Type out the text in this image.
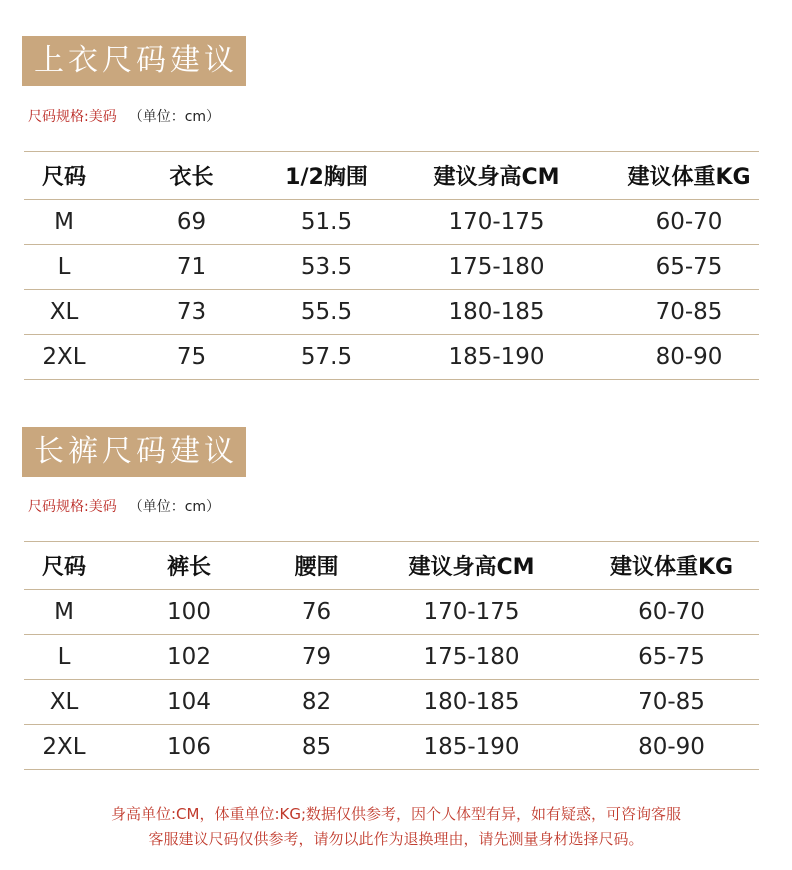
上衣尺码建议
尺码规格:美码 （单位：cm）
尺码	衣长	1/2胸围	建议身高CM	建议体重KG
M	69	51.5	170-175	60-70
L	71	53.5	175-180	65-75
XL	73	55.5	180-185	70-85
2XL	75	57.5	185-190	80-90
长裤尺码建议
尺码规格:美码 （单位：cm）
尺码	裤长	腰围	建议身高CM	建议体重KG
M	100	76	170-175	60-70
L	102	79	175-180	65-75
XL	104	82	180-185	70-85
2XL	106	85	185-190	80-90
身高单位:CM，体重单位:KG;数据仅供参考，因个人体型有异，如有疑惑，可咨询客服
客服建议尺码仅供参考，请勿以此作为退换理由，请先测量身材选择尺码。
